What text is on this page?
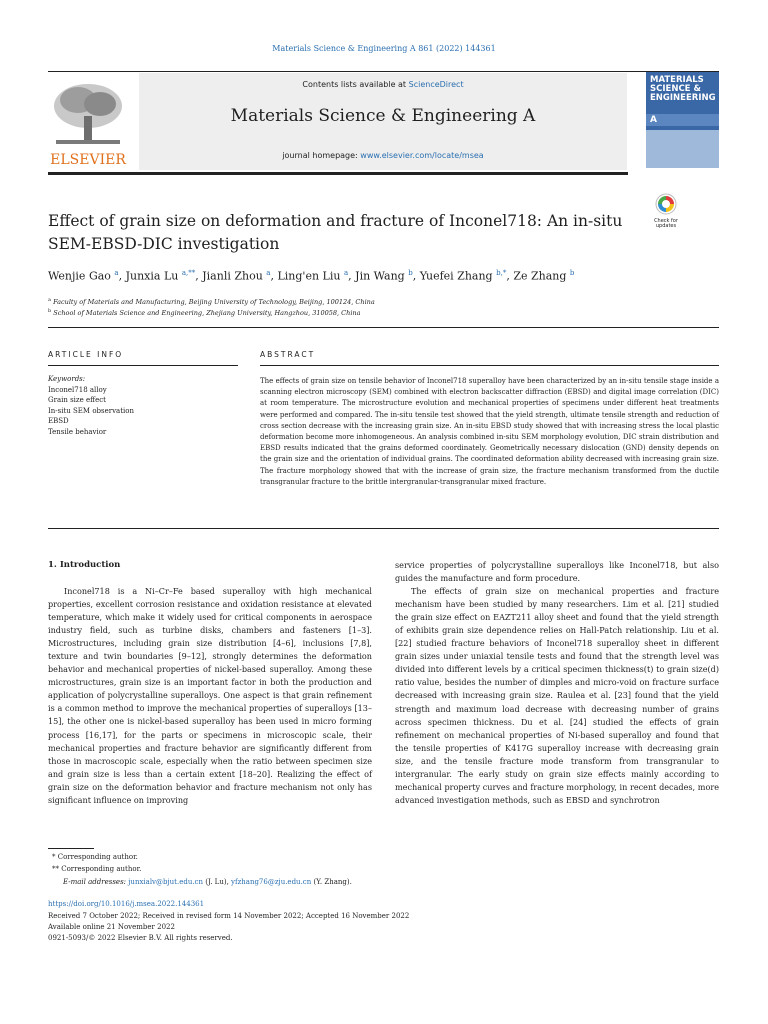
Materials Science & Engineering A 861 (2022) 144361
ELSEVIER
Contents lists available at ScienceDirect
Materials Science & Engineering A
journal homepage: www.elsevier.com/locate/msea
MATERIALS SCIENCE & ENGINEERING
A
Check for updates
Effect of grain size on deformation and fracture of Inconel718: An in-situ SEM-EBSD-DIC investigation
Wenjie Gao $^a$, Junxia Lu $^{a,**}$, Jianli Zhou $^a$, Ling'en Liu $^a$, Jin Wang $^b$, Yuefei Zhang $^{b,*}$, Ze Zhang $^b$
$^a$ Faculty of Materials and Manufacturing, Beijing University of Technology, Beijing, 100124, China
$^b$ School of Materials Science and Engineering, Zhejiang University, Hangzhou, 310058, China
ARTICLE INFO	ABSTRACT
Keywords:
Inconel718 alloy
Grain size effect
In-situ SEM observation
EBSD
Tensile behavior
The effects of grain size on tensile behavior of Inconel718 superalloy have been characterized by an in-situ tensile stage inside a scanning electron microscopy (SEM) combined with electron backscatter diffraction (EBSD) and digital image correlation (DIC) at room temperature. The microstructure evolution and mechanical properties of specimens under different heat treatments were performed and compared. The in-situ tensile test showed that the yield strength, ultimate tensile strength and reduction of cross section decrease with the increasing grain size. An in-situ EBSD study showed that with increasing stress the local plastic deformation become more inhomogeneous. An analysis combined in-situ SEM morphology evolution, DIC strain distribution and EBSD results indicated that the grains deformed coordinately. Geometrically necessary dislocation (GND) density depends on the grain size and the orientation of individual grains. The coordinated deformation ability decreased with increasing grain size. The fracture morphology showed that with the increase of grain size, the fracture mechanism transformed from the ductile transgranular fracture to the brittle intergranular-transgranular mixed fracture.
1. Introduction

Inconel718 is a Ni–Cr–Fe based superalloy with high mechanical properties, excellent corrosion resistance and oxidation resistance at elevated temperature, which make it widely used for critical components in aerospace industry field, such as turbine disks, chambers and fasteners [1–3]. Microstructures, including grain size distribution [4–6], inclusions [7,8], texture and twin boundaries [9–12], strongly determines the deformation behavior and mechanical properties of nickel-based superalloy. Among these microstructures, grain size is an important factor in both the production and application of polycrystalline superalloys. One aspect is that grain refinement is a common method to improve the mechanical properties of superalloys [13–15], the other one is nickel-based superalloy has been used in micro forming process [16,17], for the parts or specimens in microscopic scale, their mechanical properties and fracture behavior are significantly different from those in macroscopic scale, especially when the ratio between specimen size and grain size is less than a certain extent [18–20]. Realizing the effect of grain size on the deformation behavior and fracture mechanism not only has significant influence on improving

service properties of polycrystalline superalloys like Inconel718, but also guides the manufacture and form procedure.

The effects of grain size on mechanical properties and fracture mechanism have been studied by many researchers. Lim et al. [21] studied the grain size effect on EAZT211 alloy sheet and found that the yield strength of exhibits grain size dependence relies on Hall-Patch relationship. Liu et al. [22] studied fracture behaviors of Inconel718 superalloy sheet in different grain sizes under uniaxial tensile tests and found that the strength level was divided into different levels by a critical specimen thickness(t) to grain size(d) ratio value, besides the number of dimples and micro-void on fracture surface decreased with increasing grain size. Raulea et al. [23] found that the yield strength and maximum load decrease with decreasing number of grains across specimen thickness. Du et al. [24] studied the effects of grain refinement on mechanical properties of Ni-based superalloy and found that the tensile properties of K417G superalloy increase with decreasing grain size, and the tensile fracture mode transform from transgranular to intergranular. The early study on grain size effects mainly according to mechanical property curves and fracture morphology, in recent decades, more advanced investigation methods, such as EBSD and synchrotron

* Corresponding author.
** Corresponding author.
E-mail addresses: junxialv@bjut.edu.cn (J. Lu), yfzhang76@zju.edu.cn (Y. Zhang).
https://doi.org/10.1016/j.msea.2022.144361
Received 7 October 2022; Received in revised form 14 November 2022; Accepted 16 November 2022
Available online 21 November 2022
0921-5093/© 2022 Elsevier B.V. All rights reserved.
